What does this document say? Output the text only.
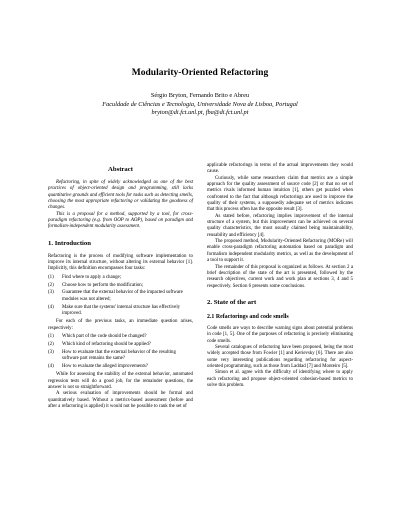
Modularity-Oriented Refactoring
Sérgio Bryton, Fernando Brito e Abreu
Faculdade de Ciências e Tecnologia, Universidade Nova de Lisboa, Portugal
bryton@di.fct.unl.pt, fba@di.fct.unl.pt
Abstract

Refactoring, in spite of widely acknowledged as one of the best practices of object-oriented design and programming, still lacks quantitative grounds and efficient tools for tasks such as detecting smells, choosing the most appropriate refactoring or validating the goodness of changes.

This is a proposal for a method, supported by a tool, for cross-paradigm refactoring (e.g. from OOP to AOP), based on paradigm and formalism-independent modularity assessment.

1. Introduction

Refactoring is the process of modifying software implementation to improve its internal structure, without altering its external behavior [1]. Implicitly, this definition encompasses four tasks:

(1) Find where to apply a change;
(2) Choose how to perform the modification;
(3) Guarantee that the external behavior of the impacted software modules was not altered;
(4) Make sure that the systems' internal structure has effectively improved.

For each of the previous tasks, an immediate question arises, respectively:

(1) Which part of the code should be changed?
(2) Which kind of refactoring should be applied?
(3) How to evaluate that the external behavior of the resulting software part remains the same?
(4) How to evaluate the alleged improvements?

While for assessing the stability of the external behavior, automated regression tests will do a good job, for the remainder questions, the answer is not so straightforward.

A serious evaluation of improvements should be formal and quantitatively based. Without a metrics-based assessment (before and after a refactoring is applied) it would not be possible to rank the set of

applicable refactorings in terms of the actual improvements they would cause.

Curiously, while some researchers claim that metrics are a simple approach for the quality assessment of source code [2] or that no set of metrics rivals informed human intuition [1], others get puzzled when confronted to the fact that although refactorings are used to improve the quality of their systems, a supposedly adequate set of metrics indicates that this process often has the opposite result [3].

As stated before, refactoring implies improvement of the internal structure of a system, but this improvement can be achieved on several quality characteristics, the most usually claimed being maintainability, reusability and efficiency [4].

The proposed method, Modularity-Oriented Refactoring (MORe) will enable cross-paradigm refactoring automation based on paradigm and formalism independent modularity metrics, as well as the development of a tool to support it.

The remainder of this proposal is organized as follows. At section 2 a brief description of the state of the art is presented, followed by the research objectives, current work and work plan at sections 3, 4 and 5 respectively. Section 6 presents some conclusions.

2. State of the art
2.1 Refactorings and code smells

Code smells are ways to describe warning signs about potential problems in code [1, 5]. One of the purposes of refactoring is precisely eliminating code smells.

Several catalogues of refactoring have been proposed, being the most widely accepted those from Fowler [1] and Kerievsky [6]. There are also some very interesting publications regarding refactoring for aspect-oriented programming, such as those from Laddad [7] and Monteiro [5].

Simon et al. agree with the difficulty of identifying where to apply each refactoring and propose object-oriented cohesion-based metrics to solve this problem.
